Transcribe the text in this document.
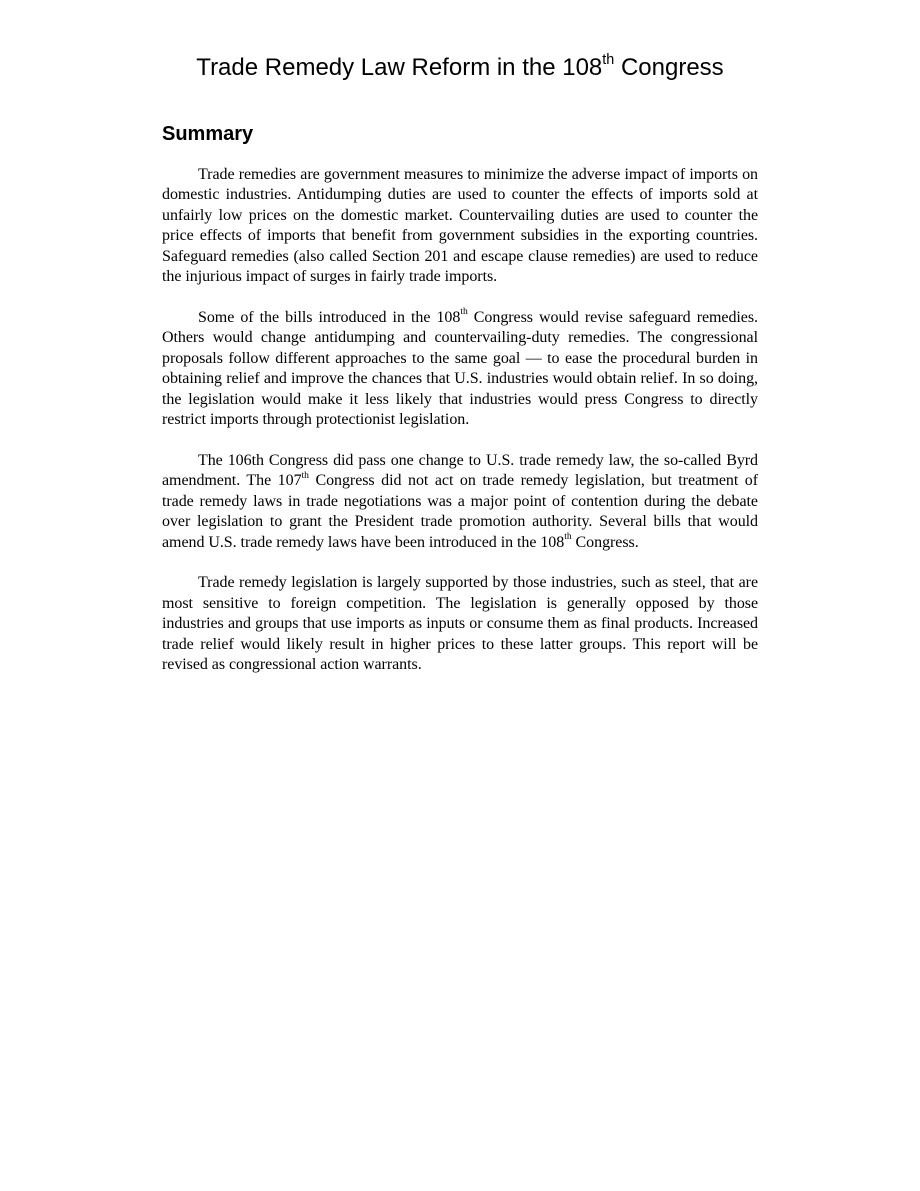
Trade Remedy Law Reform in the 108th Congress
Summary

Trade remedies are government measures to minimize the adverse impact of imports on domestic industries. Antidumping duties are used to counter the effects of imports sold at unfairly low prices on the domestic market. Countervailing duties are used to counter the price effects of imports that benefit from government subsidies in the exporting countries. Safeguard remedies (also called Section 201 and escape clause remedies) are used to reduce the injurious impact of surges in fairly trade imports.

Some of the bills introduced in the 108th Congress would revise safeguard remedies. Others would change antidumping and countervailing-duty remedies. The congressional proposals follow different approaches to the same goal — to ease the procedural burden in obtaining relief and improve the chances that U.S. industries would obtain relief. In so doing, the legislation would make it less likely that industries would press Congress to directly restrict imports through protectionist legislation.

The 106th Congress did pass one change to U.S. trade remedy law, the so-called Byrd amendment. The 107th Congress did not act on trade remedy legislation, but treatment of trade remedy laws in trade negotiations was a major point of contention during the debate over legislation to grant the President trade promotion authority. Several bills that would amend U.S. trade remedy laws have been introduced in the 108th Congress.

Trade remedy legislation is largely supported by those industries, such as steel, that are most sensitive to foreign competition. The legislation is generally opposed by those industries and groups that use imports as inputs or consume them as final products. Increased trade relief would likely result in higher prices to these latter groups. This report will be revised as congressional action warrants.
